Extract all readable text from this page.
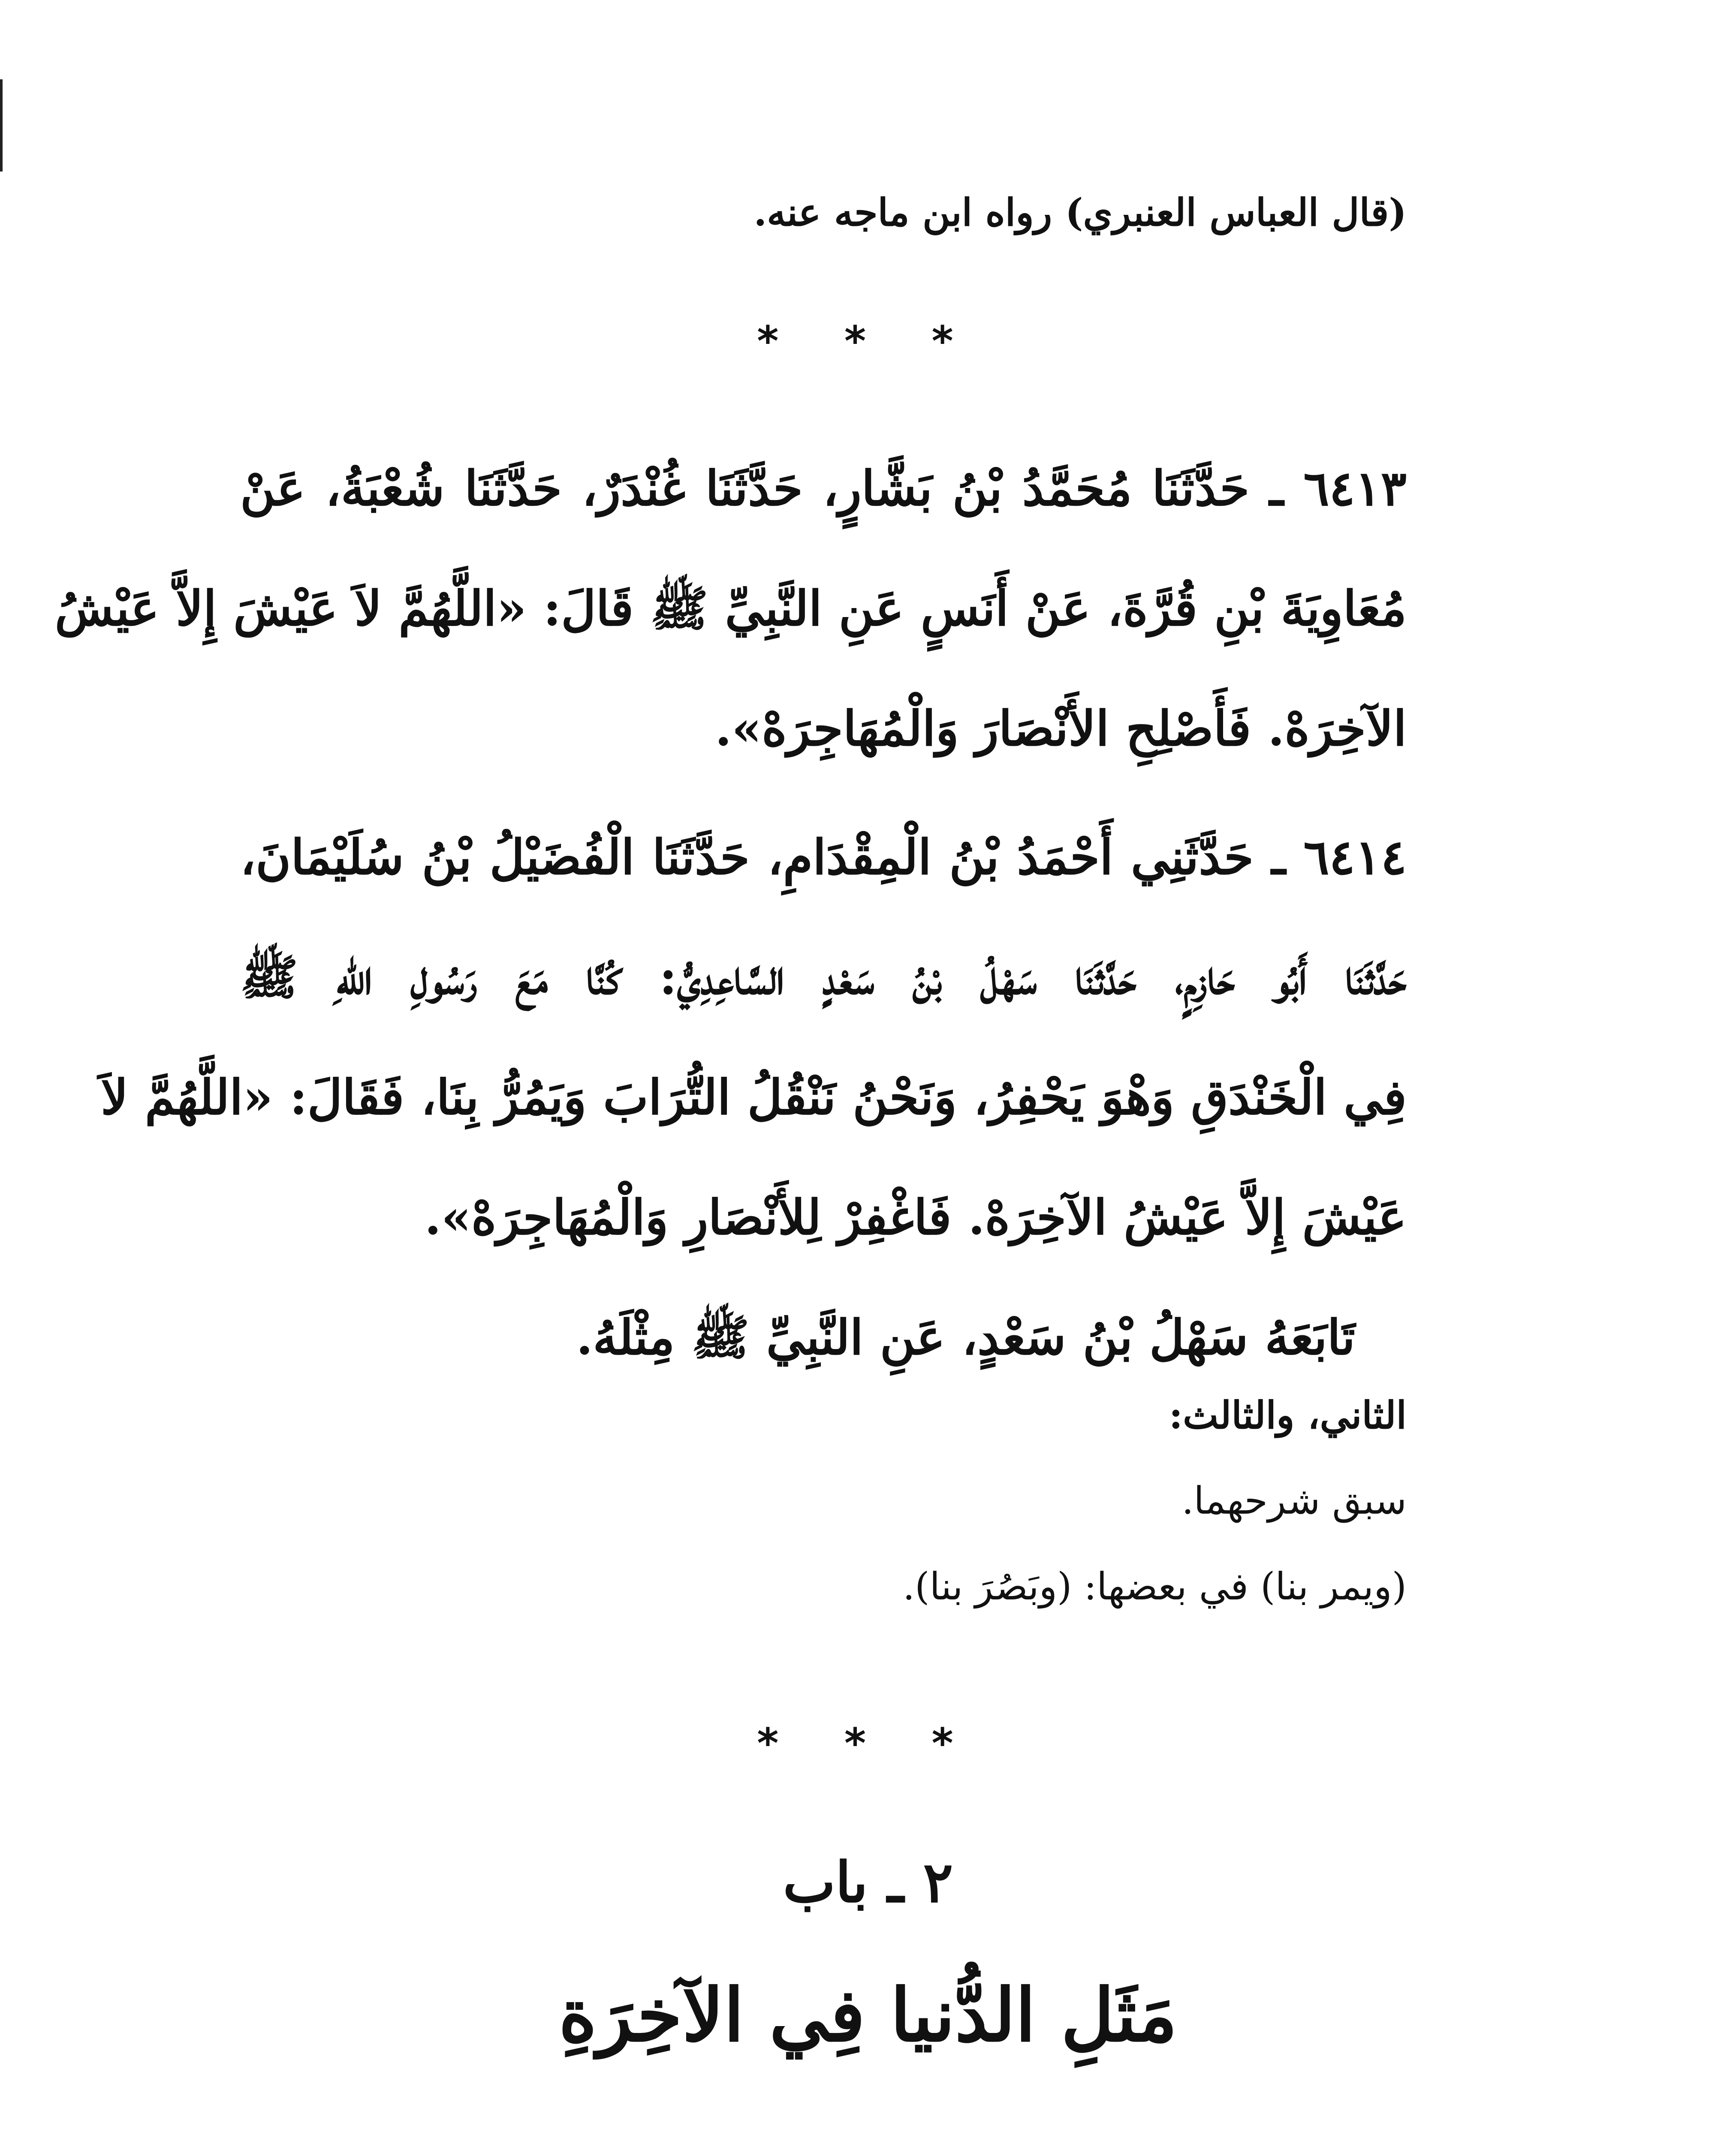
(قال العباس العنبري) رواه ابن ماجه عنه.
* * *
٦٤١٣ ـ حَدَّثَنَا مُحَمَّدُ بْنُ بَشَّارٍ، حَدَّثَنَا غُنْدَرٌ، حَدَّثَنَا شُعْبَةُ، عَنْ
مُعَاوِيَةَ بْنِ قُرَّةَ، عَنْ أَنَسٍ عَنِ النَّبِيِّ ﷺ قَالَ: «اللَّهُمَّ لاَ عَيْشَ إِلاَّ عَيْشُ
الآخِرَهْ. فَأَصْلِحِ الأَنْصَارَ وَالْمُهَاجِرَهْ».
٦٤١٤ ـ حَدَّثَنِي أَحْمَدُ بْنُ الْمِقْدَامِ، حَدَّثَنَا الْفُضَيْلُ بْنُ سُلَيْمَانَ،
حَدَّثَنَا أَبُو حَازِمٍ، حَدَّثَنَا سَهْلُ بْنُ سَعْدٍ السَّاعِدِيُّ: كُنَّا مَعَ رَسُولِ اللهِ ﷺ
فِي الْخَنْدَقِ وَهْوَ يَحْفِرُ، وَنَحْنُ نَنْقُلُ التُّرَابَ وَيَمُرُّ بِنَا، فَقَالَ: «اللَّهُمَّ لاَ
عَيْشَ إِلاَّ عَيْشُ الآخِرَهْ. فَاغْفِرْ لِلأَنْصَارِ وَالْمُهَاجِرَهْ».
تَابَعَهُ سَهْلُ بْنُ سَعْدٍ، عَنِ النَّبِيِّ ﷺ مِثْلَهُ.
الثاني، والثالث:
سبق شرحهما.
(ويمر بنا) في بعضها: (وبَصُرَ بنا).
* * *
٢ ـ باب
مَثَلِ الدُّنيا فِي الآخِرَةِ
